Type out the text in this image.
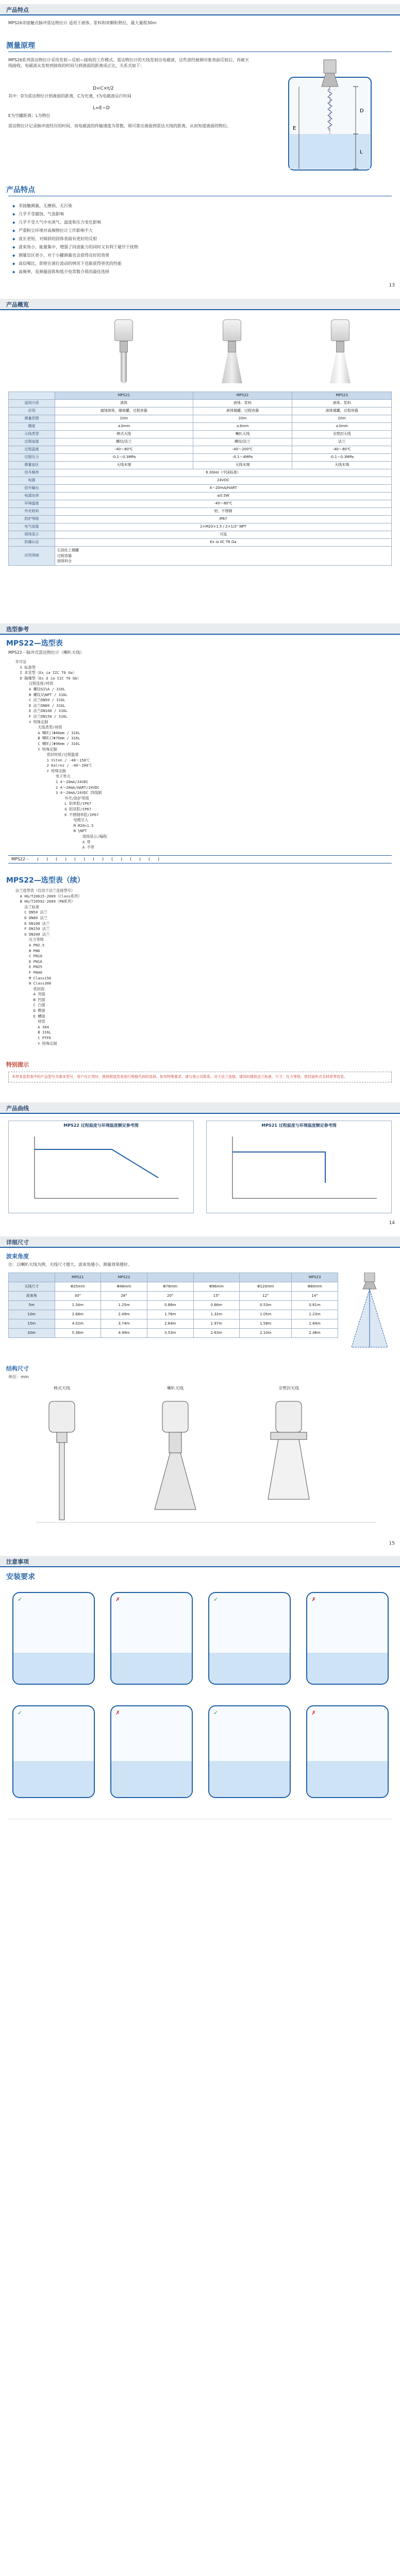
产品特点
MPS26非接触式脉冲雷达物位计 适用于液体、浆料和块颗粒物位、最大量程30m
测量原理
MPS26系列雷达物位计采用发射—反射—接收的工作模式。雷达物位计的天线发射出电磁波，这些波经被测对象表面反射后，再被天线接收，电磁波从发射到接收的时间与到液面的距离成正比，关系式如下：
D
L
E
D=C×t/2
其中：D为雷达物位计到液面的距离，C为光速，t为电磁波运行时间
L=E−D
E为空罐距离；L为物位
雷达物位计记录脉冲波经历的时间，而电磁波的传输速度为常数，则可算出液面到雷达天线的距离，从而知道液面的物位。
产品特点
◆ 非接触测量，无磨损，无污染
◆ 几乎不受腐蚀、气泡影响
◆ 几乎不受大气中水蒸气、温度和压力变化影响
◆ 严重粉尘环境对高频物位计工作影响不大
◆ 波长更短，对倾斜的固体表面有更好的反射
◆ 波束角小，能量集中，增强了回波能力的同时又有利于避开干扰物
◆ 测量盲区更小，对于小罐测量也会获得良好的效果
◆ 高信噪比，即使在液位波动的情况下也能获得更优的性能
◆ 高频率，是测量固体和低介电常数介质的最佳选择
13
产品概览
	MPS21	MPS22	MPS23
适用介质	液体	液体、浆料	液体、浆料
应用	腐蚀液体，储液罐，过程容器	液体储罐，过程容器	液体储罐，过程容器
测量范围	10m	20m	20m
精度	±3mm	±3mm	±3mm
天线类型	棒式天线	喇叭天线	全塑封天线
过程连接	螺纹/法兰	螺纹/法兰	法兰
过程温度	-40～80℃	-40～200℃	-40～80℃
过程压力	-0.1～0.3MPa	-0.1～4MPa	-0.1～0.3MPa
测量盲区	天线末端	天线末端	天线末端
信号频率	6.3GHz（中国标准）		
电源	24VDC		
信号输出	4～20mA/HART		
电源功率	≤0.5W		
环境温度	-40～80℃		
外壳材料	铝、不锈钢		
防护等级	IP67		
电气连接	2×M20×1.5 / 2×1/2" NPT		
现场显示	可选		
防爆认证	Ex ia IIC T6 Ga		
应用领域	石油化工储罐
过程容器
固体料仓		
选型参考
MPS22—选型表
MPS22－脉冲式雷达物位计（喇叭天线）
许可证
S 标准型
I 本安型（Ex ia IIC T6 Ga）
D 隔爆型（Ex d ia IIC T6 Gb）
过程连接/材质
A 螺纹G1½A / 316L
B 螺纹1½NPT / 316L
C 法兰DN50 / 316L
D 法兰DN80 / 316L
E 法兰DN100 / 316L
F 法兰DN150 / 316L
Y 特殊定制
天线类型/材质
A 喇叭口Φ46mm / 316L
B 喇叭口Φ76mm / 316L
C 喇叭口Φ96mm / 316L
Y 特殊定制
密封材质/过程温度
1 Viton / -40～150℃
2 Kalrez / -40～200℃
Y 特殊定制
电子单元
1 4～20mA/24VDC
2 4～20mA/HART/24VDC
3 4～20mA/24VDC 四线制
外壳/防护等级
L 铝单腔/IP67
G 铝双腔/IP67
K 不锈钢单腔/IP67
电缆引入
M M20×1.5
N ½NPT
现场显示/编程
X 带
A 不带
MPS22－ ( ) ( ) ( ) ( ) ( ) ( ) ( )
MPS22—选型表（续）
法兰选型表（仅用于法兰连接型号）
A HG/T20615-2009（Class系列）
B HG/T20592-2009（PN系列）
法兰标准
C DN50 法兰
D DN80 法兰
E DN100 法兰
F DN150 法兰
G DN200 法兰
压力等级
A PN2.5
B PN6
C PN10
D PN16
E PN25
F PN40
M Class150
N Class300
密封面
A 突面
B 凹面
C 凸面
D 榫面
E 槽面
材质
A 304
B 316L
C PTFE
Y 特殊定制
特别提示
本样本选型表中的产品型号为基本型号，用户在订货时，需按照选型表进行规格代码的选择，如有特殊要求，请与我公司联系。对于法兰连接，请同时提供法兰标准、尺寸、压力等级、密封面形式及材质等信息。
产品曲线
MPS22 过程温度与环境温度额定参考图	MPS21 过程温度与环境温度额定参考图
14
详细尺寸
波束角度
注：以喇叭天线为例，天线尺寸越大，波束角越小，测量效果越好。
	MPS21	MPS22				MPS23
天线尺寸	Φ25mm	Φ46mm	Φ76mm	Φ96mm	Φ120mm	Φ80mm
波束角	30°	28°	20°	15°	12°	14°
5m	1.34m	1.25m	0.88m	0.66m	0.53m	0.61m
10m	2.68m	2.49m	1.76m	1.32m	1.05m	1.23m
15m	4.02m	3.74m	2.64m	1.97m	1.58m	1.84m
20m	5.36m	4.99m	3.53m	2.63m	2.10m	2.46m
结构尺寸
单位：mm
棒式天线	喇叭天线	全塑封天线
15
注意事项
安装要求
✓	✗	✓	✗
✓	✗	✓	✗
